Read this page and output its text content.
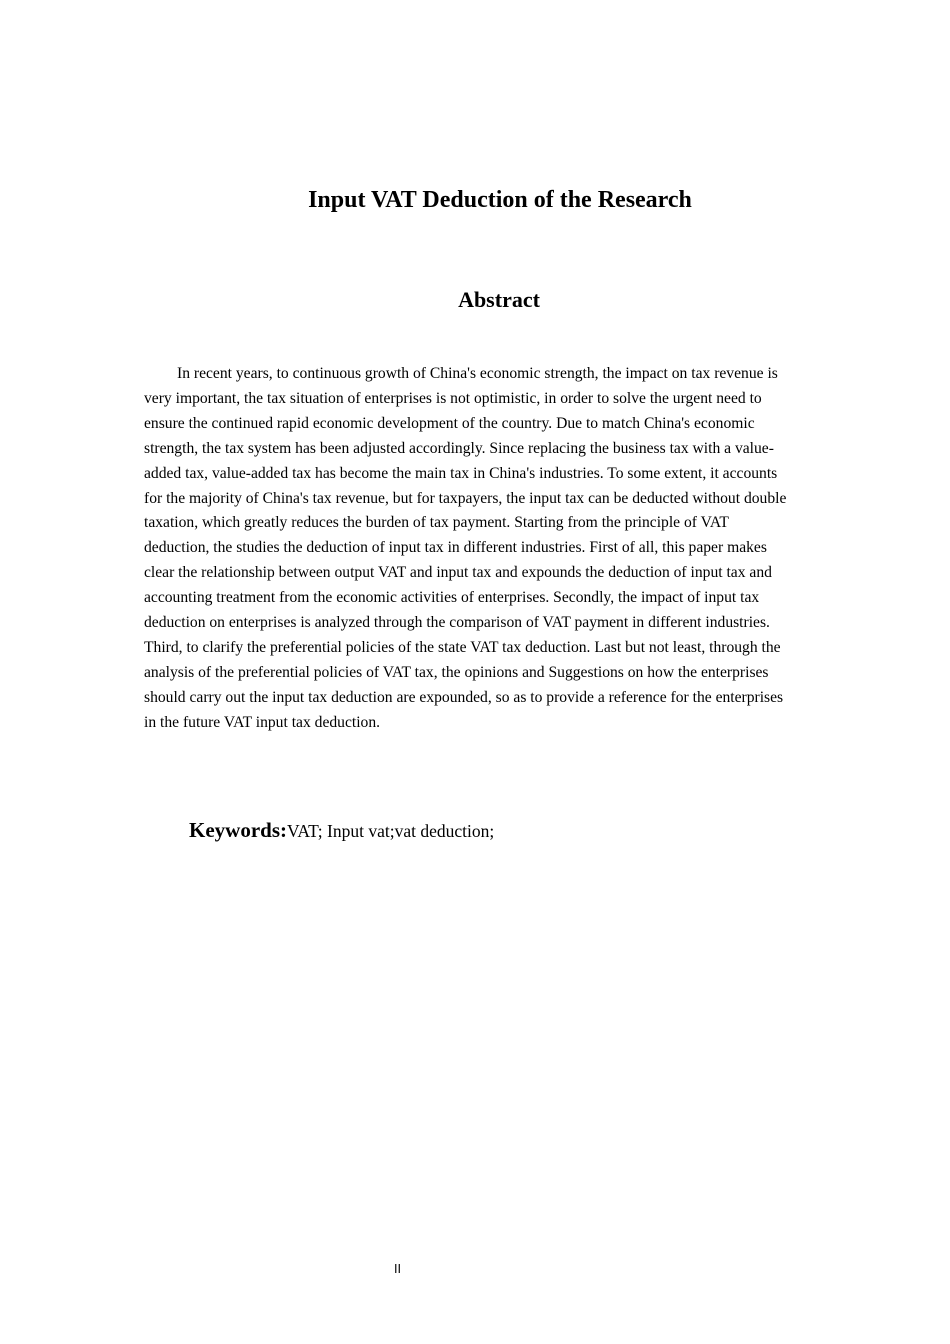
Input VAT Deduction of the Research
Abstract

In recent years, to continuous growth of China's economic strength, the impact on tax revenue is very important, the tax situation of enterprises is not optimistic, in order to solve the urgent need to ensure the continued rapid economic development of the country. Due to match China's economic strength, the tax system has been adjusted accordingly. Since replacing the business tax with a value-added tax, value-added tax has become the main tax in China's industries. To some extent, it accounts for the majority of China's tax revenue, but for taxpayers, the input tax can be deducted without double taxation, which greatly reduces the burden of tax payment. Starting from the principle of VAT deduction, the studies the deduction of input tax in different industries. First of all, this paper makes clear the relationship between output VAT and input tax and expounds the deduction of input tax and accounting treatment from the economic activities of enterprises. Secondly, the impact of input tax deduction on enterprises is analyzed through the comparison of VAT payment in different industries. Third, to clarify the preferential policies of the state VAT tax deduction. Last but not least, through the analysis of the preferential policies of VAT tax, the opinions and Suggestions on how the enterprises should carry out the input tax deduction are expounded, so as to provide a reference for the enterprises in the future VAT input tax deduction.

Keywords:VAT; Input vat;vat deduction;

II
